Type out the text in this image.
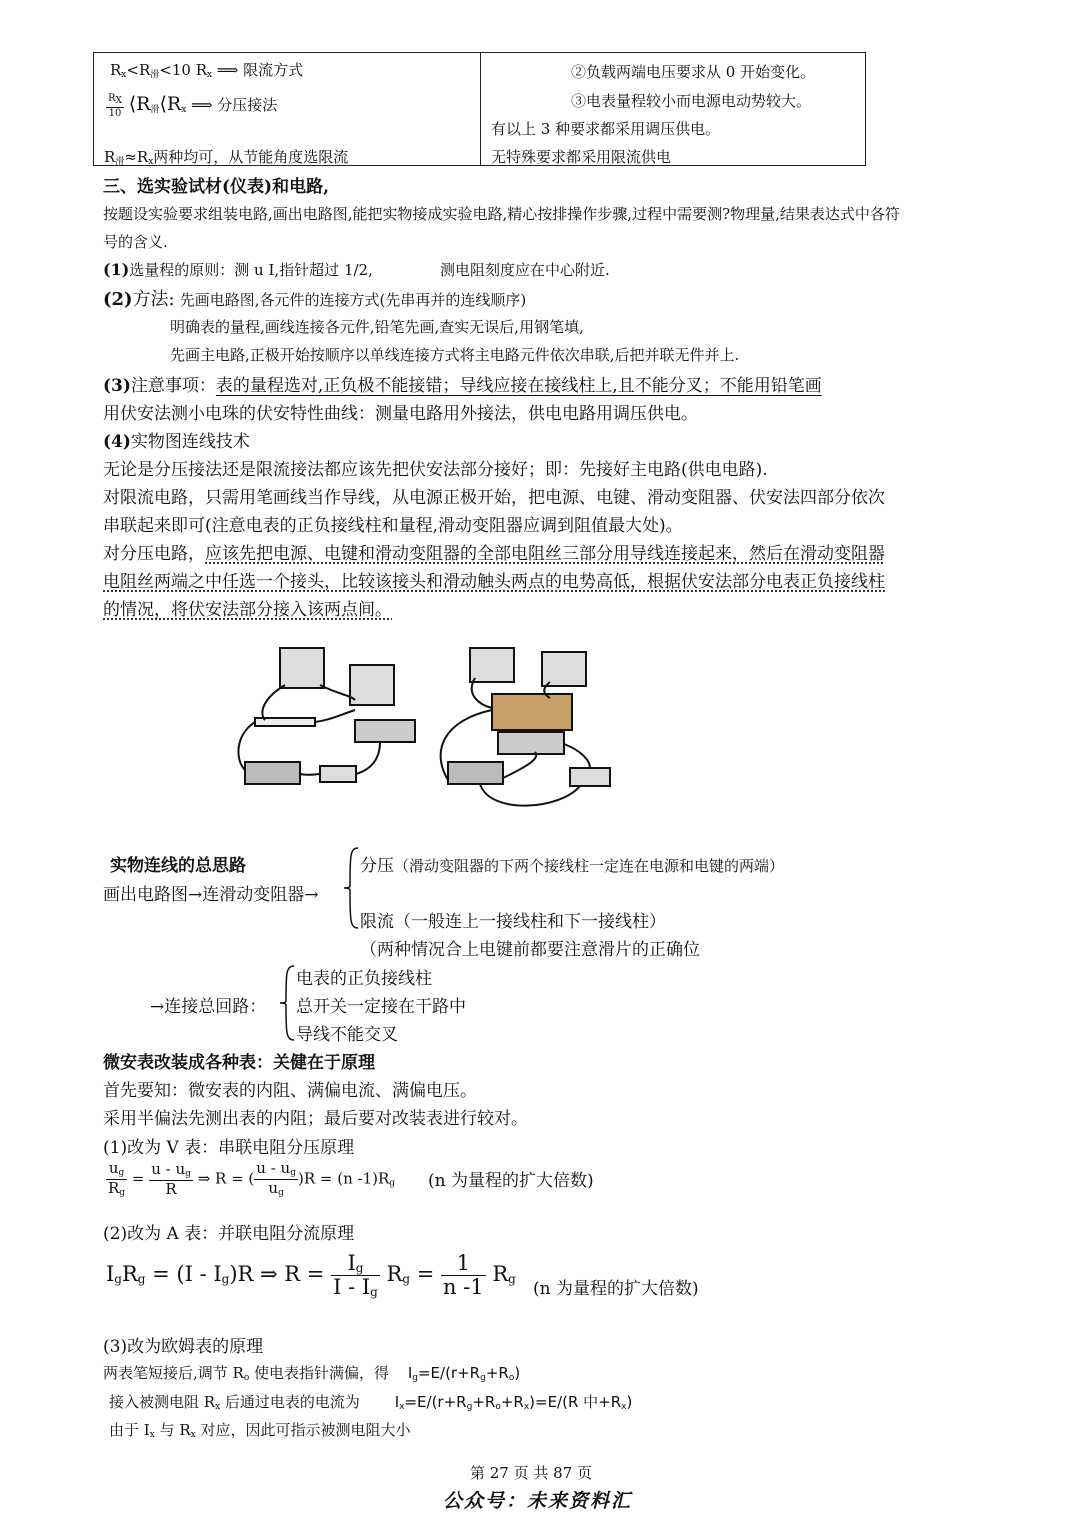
$R_x<R_滑<10$ $R_x$ ⟹ 限流方式
$\frac{RX}{10}$ $⟨R_滑⟨R_x$ ⟹ 分压接法
$R_滑\approx R_x$两种均可，从节能角度选限流

②负载两端电压要求从 0 开始变化。
③电表量程较小而电源电动势较大。
有以上 3 种要求都采用调压供电。
无特殊要求都采用限流供电
三、选实验试材(仪表)和电路,
按题设实验要求组装电路,画出电路图,能把实物接成实验电路,精心按排操作步骤,过程中需要测?物理量,结果表达式中各符
号的含义.
(1)选量程的原则：测 u I,指针超过 1/2,	测电阻刻度应在中心附近.
(2)方法: 先画电路图,各元件的连接方式(先串再并的连线顺序)
明确表的量程,画线连接各元件,铅笔先画,查实无误后,用钢笔填,
先画主电路,正极开始按顺序以单线连接方式将主电路元件依次串联,后把并联无件并上.
(3)注意事项：表的量程选对,正负极不能接错；导线应接在接线柱上,且不能分叉；不能用铅笔画
用伏安法测小电珠的伏安特性曲线：测量电路用外接法，供电电路用调压供电。
(4)实物图连线技术
无论是分压接法还是限流接法都应该先把伏安法部分接好；即：先接好主电路(供电电路).
对限流电路，只需用笔画线当作导线，从电源正极开始，把电源、电键、滑动变阻器、伏安法四部分依次
串联起来即可(注意电表的正负接线柱和量程,滑动变阻器应调到阻值最大处)。
对分压电路，应该先把电源、电键和滑动变阻器的全部电阻丝三部分用导线连接起来，然后在滑动变阻器
电阻丝两端之中任选一个接头，比较该接头和滑动触头两点的电势高低，根据伏安法部分电表正负接线柱
的情况，将伏安法部分接入该两点间。
实物连线的总思路
画出电路图→连滑动变阻器→
分压（滑动变阻器的下两个接线柱一定连在电源和电键的两端）
限流（一般连上一接线柱和下一接线柱）
（两种情况合上电键前都要注意滑片的正确位
→连接总回路：
电表的正负接线柱
总开关一定接在干路中
导线不能交叉
微安表改装成各种表：关健在于原理
首先要知：微安表的内阻、满偏电流、满偏电压。
采用半偏法先测出表的内阻；最后要对改装表进行较对。
(1)改为 V 表：串联电阻分压原理
$\frac{u_g}{R_g} = \frac{u - u_g}{R}$ ⇒ R = ( $\frac{u - u_g}{u_g} )R = (n$ $-1)R_g$ (n 为量程的扩大倍数)
(2)改为 A 表：并联电阻分流原理
IgRg = (I - Ig)R ⇒ $R = \frac{Ig}{I - Ig}$ $Rg = \frac{1}{n -1}$ Rg (n 为量程的扩大倍数)
(3)改为欧姆表的原理
两表笔短接后,调节 $R_o$ 使电表指针满偏，得 $I_g=E/(r+R_g+R_o)$
接入被测电阻 $R_x$ 后通过电表的电流为 $I_x=E/(r+R_g+R_o+R_x)=E/(R$ 中$+R_x$)
由于 $I_x$ 与 $R_x$ 对应，因此可指示被测电阻大小
第 27 页 共 87 页
公众号：未来资料汇
